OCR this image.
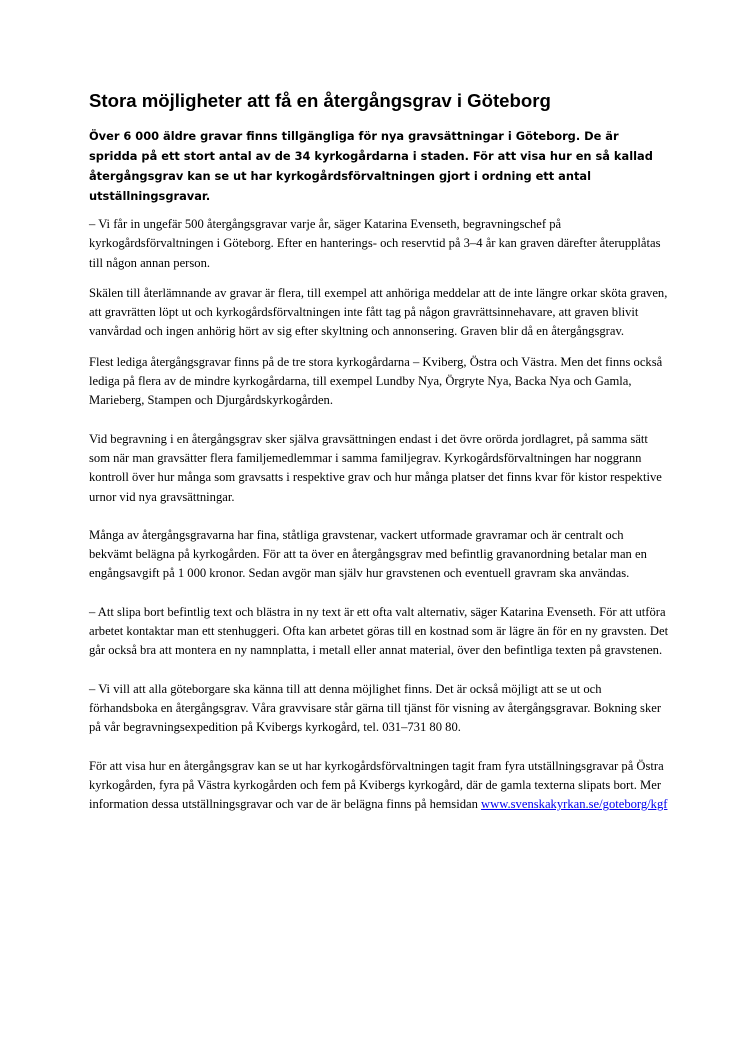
Stora möjligheter att få en återgångsgrav i Göteborg

Över 6 000 äldre gravar finns tillgängliga för nya gravsättningar i Göteborg. De är spridda på ett stort antal av de 34 kyrkogårdarna i staden. För att visa hur en så kallad återgångsgrav kan se ut har kyrkogårdsförvaltningen gjort i ordning ett antal utställningsgravar.

– Vi får in ungefär 500 återgångsgravar varje år, säger Katarina Evenseth, begravningschef på kyrkogårdsförvaltningen i Göteborg. Efter en hanterings- och reservtid på 3–4 år kan graven därefter återupplåtas till någon annan person.

Skälen till återlämnande av gravar är flera, till exempel att anhöriga meddelar att de inte längre orkar sköta graven, att gravrätten löpt ut och kyrkogårdsförvaltningen inte fått tag på någon gravrättsinnehavare, att graven blivit vanvårdad och ingen anhörig hört av sig efter skyltning och annonsering. Graven blir då en återgångsgrav.

Flest lediga återgångsgravar finns på de tre stora kyrkogårdarna – Kviberg, Östra och Västra. Men det finns också lediga på flera av de mindre kyrkogårdarna, till exempel Lundby Nya, Örgryte Nya, Backa Nya och Gamla, Marieberg, Stampen och Djurgårdskyrkogården.

Vid begravning i en återgångsgrav sker själva gravsättningen endast i det övre orörda jordlagret, på samma sätt som när man gravsätter flera familjemedlemmar i samma familjegrav. Kyrkogårdsförvaltningen har noggrann kontroll över hur många som gravsatts i respektive grav och hur många platser det finns kvar för kistor respektive urnor vid nya gravsättningar.

Många av återgångsgravarna har fina, ståtliga gravstenar, vackert utformade gravramar och är centralt och bekvämt belägna på kyrkogården. För att ta över en återgångsgrav med befintlig gravanordning betalar man en engångsavgift på 1 000 kronor. Sedan avgör man själv hur gravstenen och eventuell gravram ska användas.

– Att slipa bort befintlig text och blästra in ny text är ett ofta valt alternativ, säger Katarina Evenseth. För att utföra arbetet kontaktar man ett stenhuggeri. Ofta kan arbetet göras till en kostnad som är lägre än för en ny gravsten. Det går också bra att montera en ny namnplatta, i metall eller annat material, över den befintliga texten på gravstenen.

– Vi vill att alla göteborgare ska känna till att denna möjlighet finns. Det är också möjligt att se ut och förhandsboka en återgångsgrav. Våra gravvisare står gärna till tjänst för visning av återgångsgravar. Bokning sker på vår begravningsexpedition på Kvibergs kyrkogård, tel. 031–731 80 80.

För att visa hur en återgångsgrav kan se ut har kyrkogårdsförvaltningen tagit fram fyra utställningsgravar på Östra kyrkogården, fyra på Västra kyrkogården och fem på Kvibergs kyrkogård, där de gamla texterna slipats bort. Mer information dessa utställningsgravar och var de är belägna finns på hemsidan www.svenskakyrkan.se/goteborg/kgf
